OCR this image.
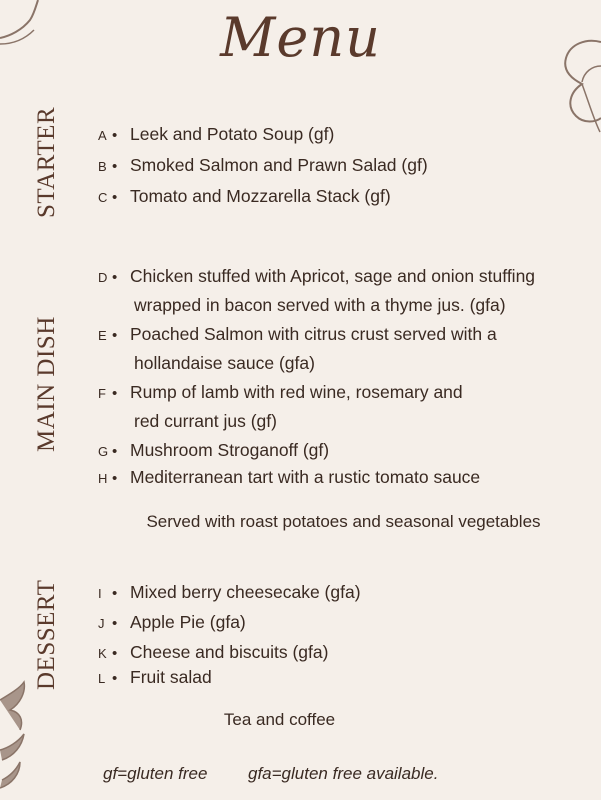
Menu
STARTER
MAIN DISH
DESSERT
A • Leek and Potato Soup (gf)
B • Smoked Salmon and Prawn Salad (gf)
C • Tomato and Mozzarella Stack (gf)
D • Chicken stuffed with Apricot, sage and onion stuffing
wrapped in bacon served with a thyme jus. (gfa)
E • Poached Salmon with citrus crust served with a
hollandaise sauce (gfa)
F • Rump of lamb with red wine, rosemary and
red currant jus (gf)
G • Mushroom Stroganoff (gf)
H • Mediterranean tart with a rustic tomato sauce
Served with roast potatoes and seasonal vegetables
I • Mixed berry cheesecake (gfa)
J • Apple Pie (gfa)
K • Cheese and biscuits (gfa)
L • Fruit salad
Tea and coffee
gf=gluten free gfa=gluten free available.
